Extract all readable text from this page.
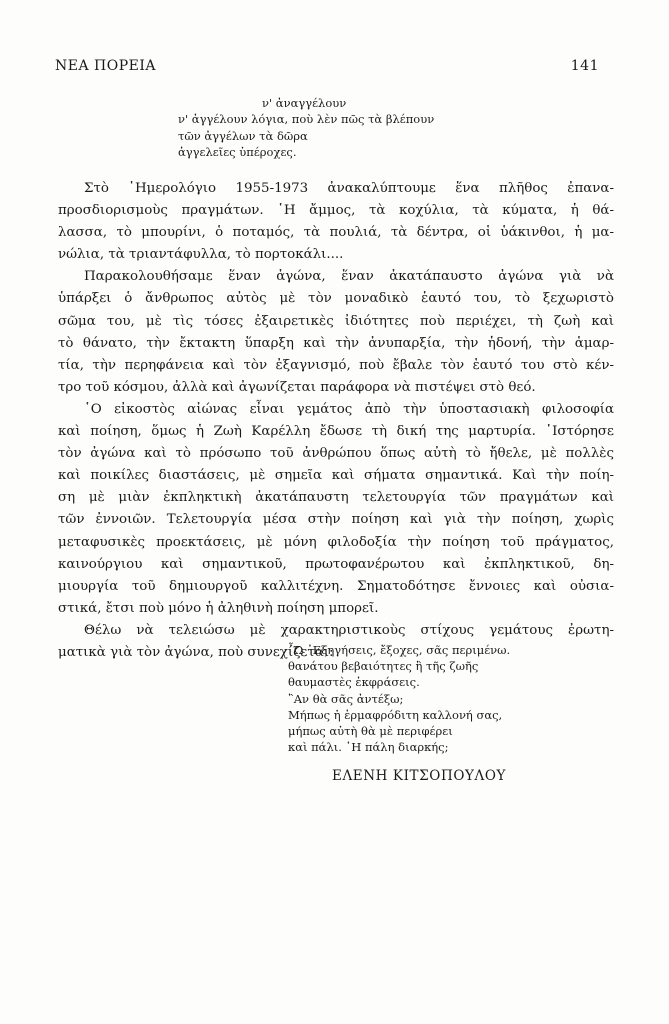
ΝΕΑ ΠΟΡΕΙΑ	141
ν' ἀναγγέλουν
ν' ἀγγέλουν λόγια, ποὺ λὲν πῶς τὰ βλέπουν
τῶν ἀγγέλων τὰ δῶρα
ἀγγελεῖες ὑπέροχες.
Στὸ ῾Ημερολόγιο 1955-1973 ἀνακαλύπτουμε ἕνα πλῆθος ἐπανα-
προσδιορισμοὺς πραγμάτων. ῾Η ἄμμος, τὰ κοχύλια, τὰ κύματα, ἡ θά-
λασσα, τὸ μπουρίνι, ὁ ποταμός, τὰ πουλιά, τὰ δέντρα, οἱ ὑάκινθοι, ἡ μα-
νώλια, τὰ τριαντάφυλλα, τὸ πορτοκάλι....
Παρακολουθήσαμε ἕναν ἀγώνα, ἕναν ἀκατάπαυστο ἀγώνα γιὰ νὰ
ὑπάρξει ὁ ἄνθρωπος αὐτὸς μὲ τὸν μοναδικὸ ἑαυτό του, τὸ ξεχωριστὸ
σῶμα του, μὲ τὶς τόσες ἐξαιρετικὲς ἰδιότητες ποὺ περιέχει, τὴ ζωὴ καὶ
τὸ θάνατο, τὴν ἔκτακτη ὕπαρξη καὶ τὴν ἀνυπαρξία, τὴν ἡδονή, τὴν ἁμαρ-
τία, τὴν περηφάνεια καὶ τὸν ἐξαγνισμό, ποὺ ἔβαλε τὸν ἑαυτό του στὸ κέν-
τρο τοῦ κόσμου, ἀλλὰ καὶ ἀγωνίζεται παράφορα νὰ πιστέψει στὸ θεό.
῾Ο εἰκοστὸς αἰώνας εἶναι γεμάτος ἀπὸ τὴν ὑποστασιακὴ φιλοσοφία
καὶ ποίηση, ὅμως ἡ Ζωὴ Καρέλλη ἔδωσε τὴ δική της μαρτυρία. ῾Ιστόρησε
τὸν ἀγώνα καὶ τὸ πρόσωπο τοῦ ἀνθρώπου ὅπως αὐτὴ τὸ ἤθελε, μὲ πολλὲς
καὶ ποικίλες διαστάσεις, μὲ σημεῖα καὶ σήματα σημαντικά. Καὶ τὴν ποίη-
ση μὲ μιὰν ἐκπληκτικὴ ἀκατάπαυστη τελετουργία τῶν πραγμάτων καὶ
τῶν ἐννοιῶν. Τελετουργία μέσα στὴν ποίηση καὶ γιὰ τὴν ποίηση, χωρὶς
μεταφυσικὲς προεκτάσεις, μὲ μόνη φιλοδοξία τὴν ποίηση τοῦ πράγματος,
καινούργιου καὶ σημαντικοῦ, πρωτοφανέρωτου καὶ ἐκπληκτικοῦ, δη-
μιουργία τοῦ δημιουργοῦ καλλιτέχνη. Σηματοδότησε ἔννοιες καὶ οὐσια-
στικά, ἔτσι ποὺ μόνο ἡ ἀληθινὴ ποίηση μπορεῖ.
Θέλω νὰ τελειώσω μὲ χαρακτηριστικοὺς στίχους γεμάτους ἐρωτη-
ματικὰ γιὰ τὸν ἀγώνα, ποὺ συνεχίζεται:
῏Ω ᾿Εξηγήσεις, ἔξοχες, σᾶς περιμένω.
θανάτου βεβαιότητες ἢ τῆς ζωῆς
θαυμαστὲς ἐκφράσεις.
῍Αν θὰ σᾶς ἀντέξω;
Μήπως ἡ ἑρμαφρόδιτη καλλονή σας,
μήπως αὐτὴ θὰ μὲ περιφέρει
καὶ πάλι. ῾Η πάλη διαρκής;
ΕΛΕΝΗ ΚΙΤΣΟΠΟΥΛΟΥ
